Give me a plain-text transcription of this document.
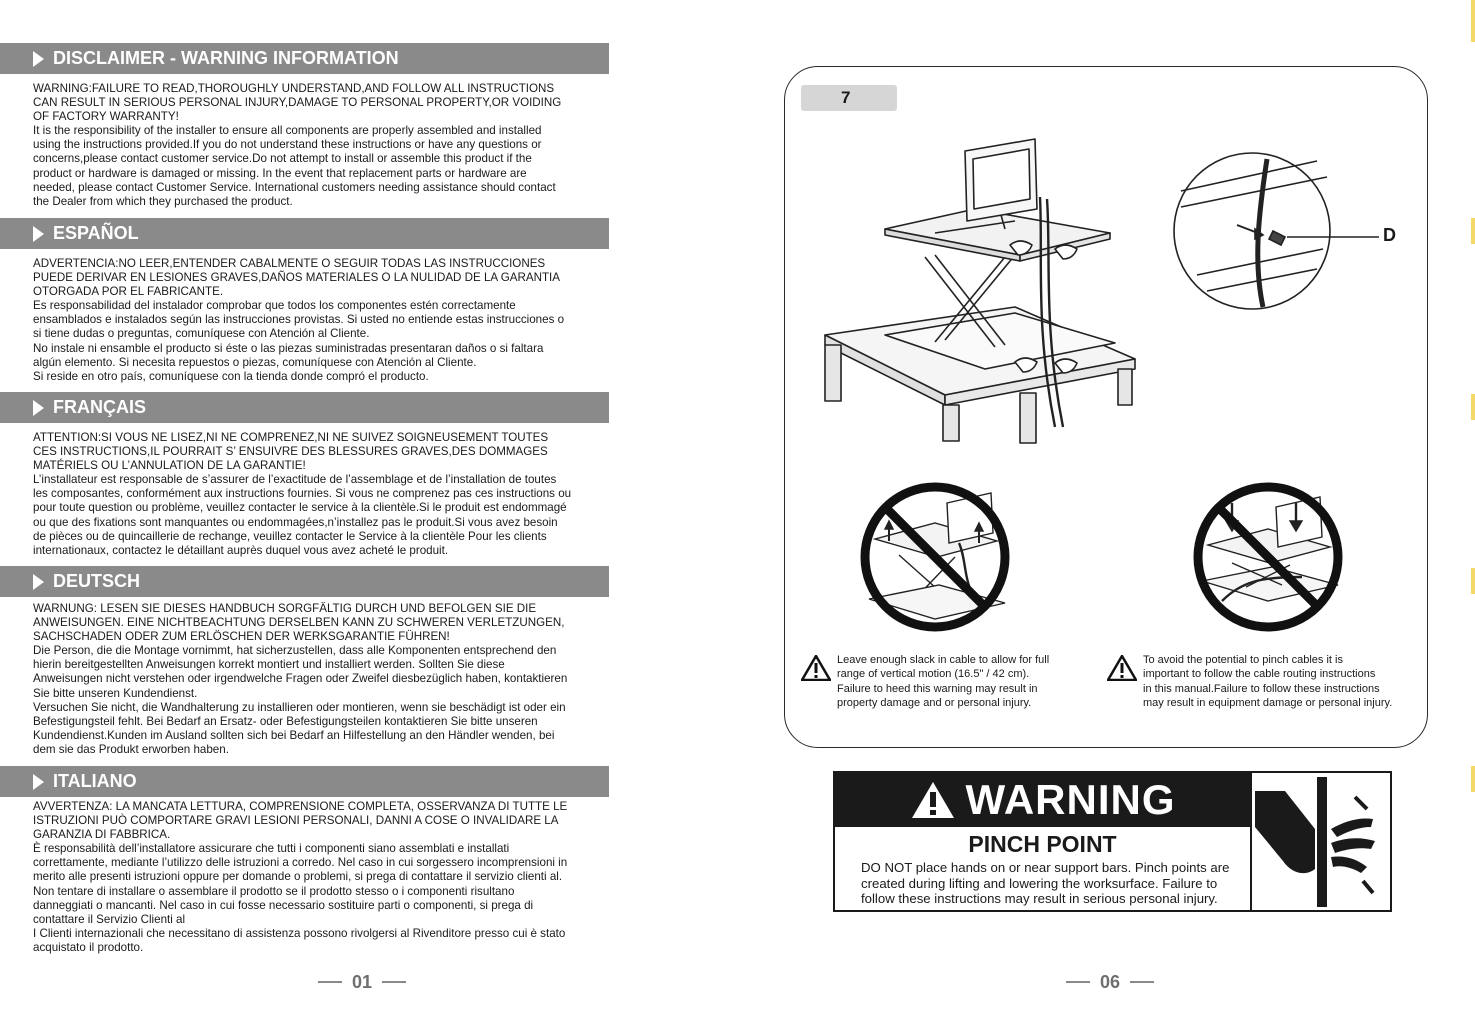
DISCLAIMER - WARNING INFORMATION

WARNING:FAILURE TO READ,THOROUGHLY UNDERSTAND,AND FOLLOW ALL INSTRUCTIONS

CAN RESULT IN SERIOUS PERSONAL INJURY,DAMAGE TO PERSONAL PROPERTY,OR VOIDING

OF FACTORY WARRANTY!

It is the responsibility of the installer to ensure all components are properly assembled and installed

using the instructions provided.If you do not understand these instructions or have any questions or

concerns,please contact customer service.Do not attempt to install or assemble this product if the

product or hardware is damaged or missing. In the event that replacement parts or hardware are

needed, please contact Customer Service. International customers needing assistance should contact

the Dealer from which they purchased the product.

ESPAÑOL

ADVERTENCIA:NO LEER,ENTENDER CABALMENTE O SEGUIR TODAS LAS INSTRUCCIONES

PUEDE DERIVAR EN LESIONES GRAVES,DAÑOS MATERIALES O LA NULIDAD DE LA GARANTIA

OTORGADA POR EL FABRICANTE.

Es responsabilidad del instalador comprobar que todos los componentes estén correctamente

ensamblados e instalados según las instrucciones provistas. Si usted no entiende estas instrucciones o

si tiene dudas o preguntas, comuníquese con Atención al Cliente.

No instale ni ensamble el producto si éste o las piezas suministradas presentaran daños o si faltara

algún elemento. Si necesita repuestos o piezas, comuníquese con Atención al Cliente.

Si reside en otro país, comuníquese con la tienda donde compró el producto.

FRANÇAIS

ATTENTION:SI VOUS NE LISEZ,NI NE COMPRENEZ,NI NE SUIVEZ SOIGNEUSEMENT TOUTES

CES INSTRUCTIONS,IL POURRAIT S’ ENSUIVRE DES BLESSURES GRAVES,DES DOMMAGES

MATÉRIELS OU L’ANNULATION DE LA GARANTIE!

L’installateur est responsable de s’assurer de l’exactitude de l’assemblage et de l’installation de toutes

les composantes, conformément aux instructions fournies. Si vous ne comprenez pas ces instructions ou

pour toute question ou problème, veuillez contacter le service à la clientèle.Si le produit est endommagé

ou que des fixations sont manquantes ou endommagées,n’installez pas le produit.Si vous avez besoin

de pièces ou de quincaillerie de rechange, veuillez contacter le Service à la clientèle Pour les clients

internationaux, contactez le détaillant auprès duquel vous avez acheté le produit.

DEUTSCH

WARNUNG: LESEN SIE DIESES HANDBUCH SORGFÄLTIG DURCH UND BEFOLGEN SIE DIE

ANWEISUNGEN. EINE NICHTBEACHTUNG DERSELBEN KANN ZU SCHWEREN VERLETZUNGEN,

SACHSCHADEN ODER ZUM ERLÖSCHEN DER WERKSGARANTIE FÜHREN!

Die Person, die die Montage vornimmt, hat sicherzustellen, dass alle Komponenten entsprechend den

hierin bereitgestellten Anweisungen korrekt montiert und installiert werden. Sollten Sie diese

Anweisungen nicht verstehen oder irgendwelche Fragen oder Zweifel diesbezüglich haben, kontaktieren

Sie bitte unseren Kundendienst.

Versuchen Sie nicht, die Wandhalterung zu installieren oder montieren, wenn sie beschädigt ist oder ein

Befestigungsteil fehlt. Bei Bedarf an Ersatz- oder Befestigungsteilen kontaktieren Sie bitte unseren

Kundendienst.Kunden im Ausland sollten sich bei Bedarf an Hilfestellung an den Händler wenden, bei

dem sie das Produkt erworben haben.

ITALIANO

AVVERTENZA: LA MANCATA LETTURA, COMPRENSIONE COMPLETA, OSSERVANZA DI TUTTE LE

ISTRUZIONI PUÒ COMPORTARE GRAVI LESIONI PERSONALI, DANNI A COSE O INVALIDARE LA

GARANZIA DI FABBRICA.

È responsabilità dell’installatore assicurare che tutti i componenti siano assemblati e installati

correttamente, mediante l’utilizzo delle istruzioni a corredo. Nel caso in cui sorgessero incomprensioni in

merito alle presenti istruzioni oppure per domande o problemi, si prega di contattare il servizio clienti al.

Non tentare di installare o assemblare il prodotto se il prodotto stesso o i componenti risultano

danneggiati o mancanti. Nel caso in cui fosse necessario sostituire parti o componenti, si prega di

contattare il Servizio Clienti al

I Clienti internazionali che necessitano di assistenza possono rivolgersi al Rivenditore presso cui è stato

acquistato il prodotto.

01
7
D

Leave enough slack in cable to allow for full

range of vertical motion (16.5" / 42 cm).

Failure to heed this warning may result in

property damage and or personal injury.

To avoid the potential to pinch cables it is

important to follow the cable routing instructions

in this manual.Failure to follow these instructions

may result in equipment damage or personal injury.

WARNING
PINCH POINT

DO NOT place hands on or near support bars. Pinch points are

created during lifting and lowering the worksurface. Failure to

follow these instructions may result in serious personal injury.

06
